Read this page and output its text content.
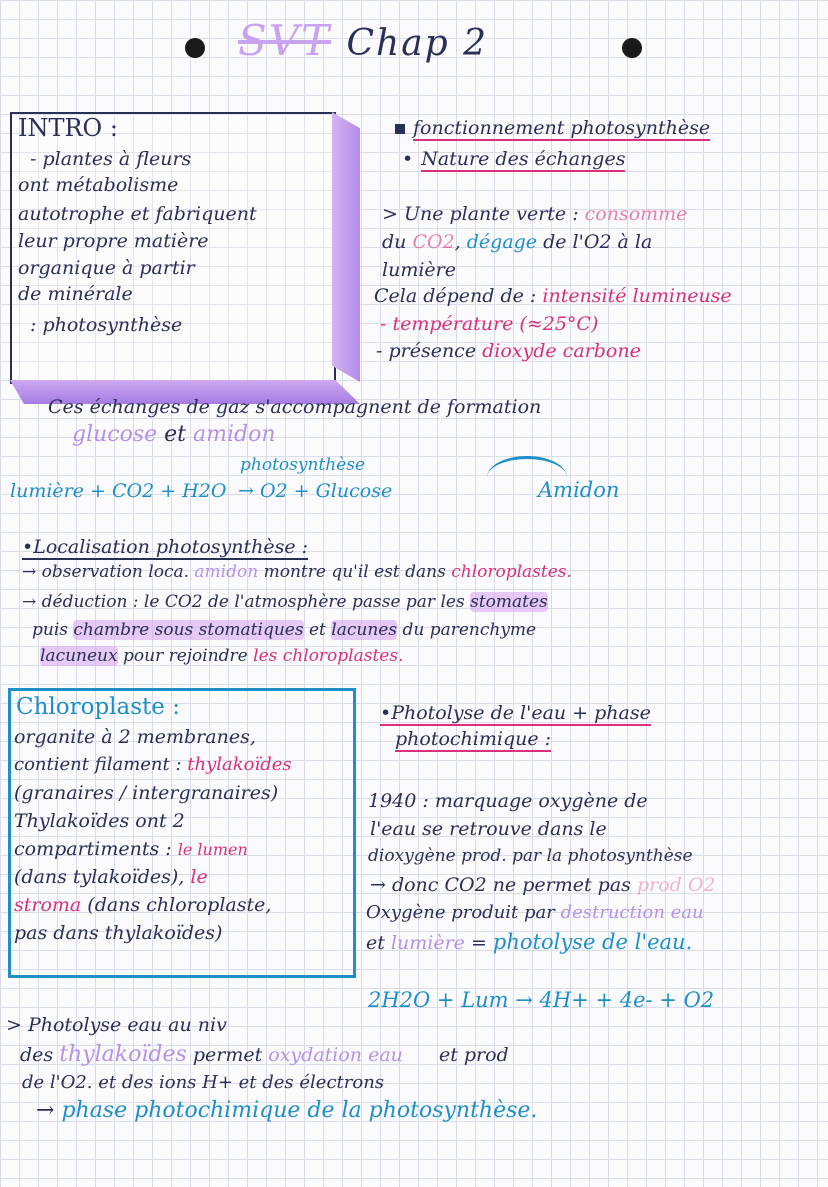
SVT Chap 2
INTRO :
- plantes à fleurs
ont métabolisme
autotrophe et fabriquent
leur propre matière
organique à partir
de minérale
: photosynthèse
fonctionnement photosynthèse
• Nature des échanges
> Une plante verte : consomme
du CO2, dégage de l'O2 à la
lumière
Cela dépend de : intensité lumineuse
- température (≈25°C)
- présence dioxyde carbone
Ces échanges de gaz s'accompagnent de formation
glucose et amidon
photosynthèse
lumière + CO2 + H2O → O2 + Glucose	Amidon
•Localisation photosynthèse :
→ observation loca. amidon montre qu'il est dans chloroplastes.
→ déduction : le CO2 de l'atmosphère passe par les stomates
puis chambre sous stomatiques et lacunes du parenchyme
lacuneux pour rejoindre les chloroplastes.
Chloroplaste :
organite à 2 membranes,
contient filament : thylakoïdes
(granaires / intergranaires)
Thylakoïdes ont 2
compartiments : le lumen
(dans tylakoïdes), le
stroma (dans chloroplaste,
pas dans thylakoïdes)
•Photolyse de l'eau + phase
photochimique :
1940 : marquage oxygène de
l'eau se retrouve dans le
dioxygène prod. par la photosynthèse
→ donc CO2 ne permet pas prod O2
Oxygène produit par destruction eau
et lumière = photolyse de l'eau.
2H2O + Lum → 4H+ + 4e- + O2
> Photolyse eau au niv
des thylakoïdes permet oxydation eau et prod
de l'O2. et des ions H+ et des électrons
→ phase photochimique de la photosynthèse.
